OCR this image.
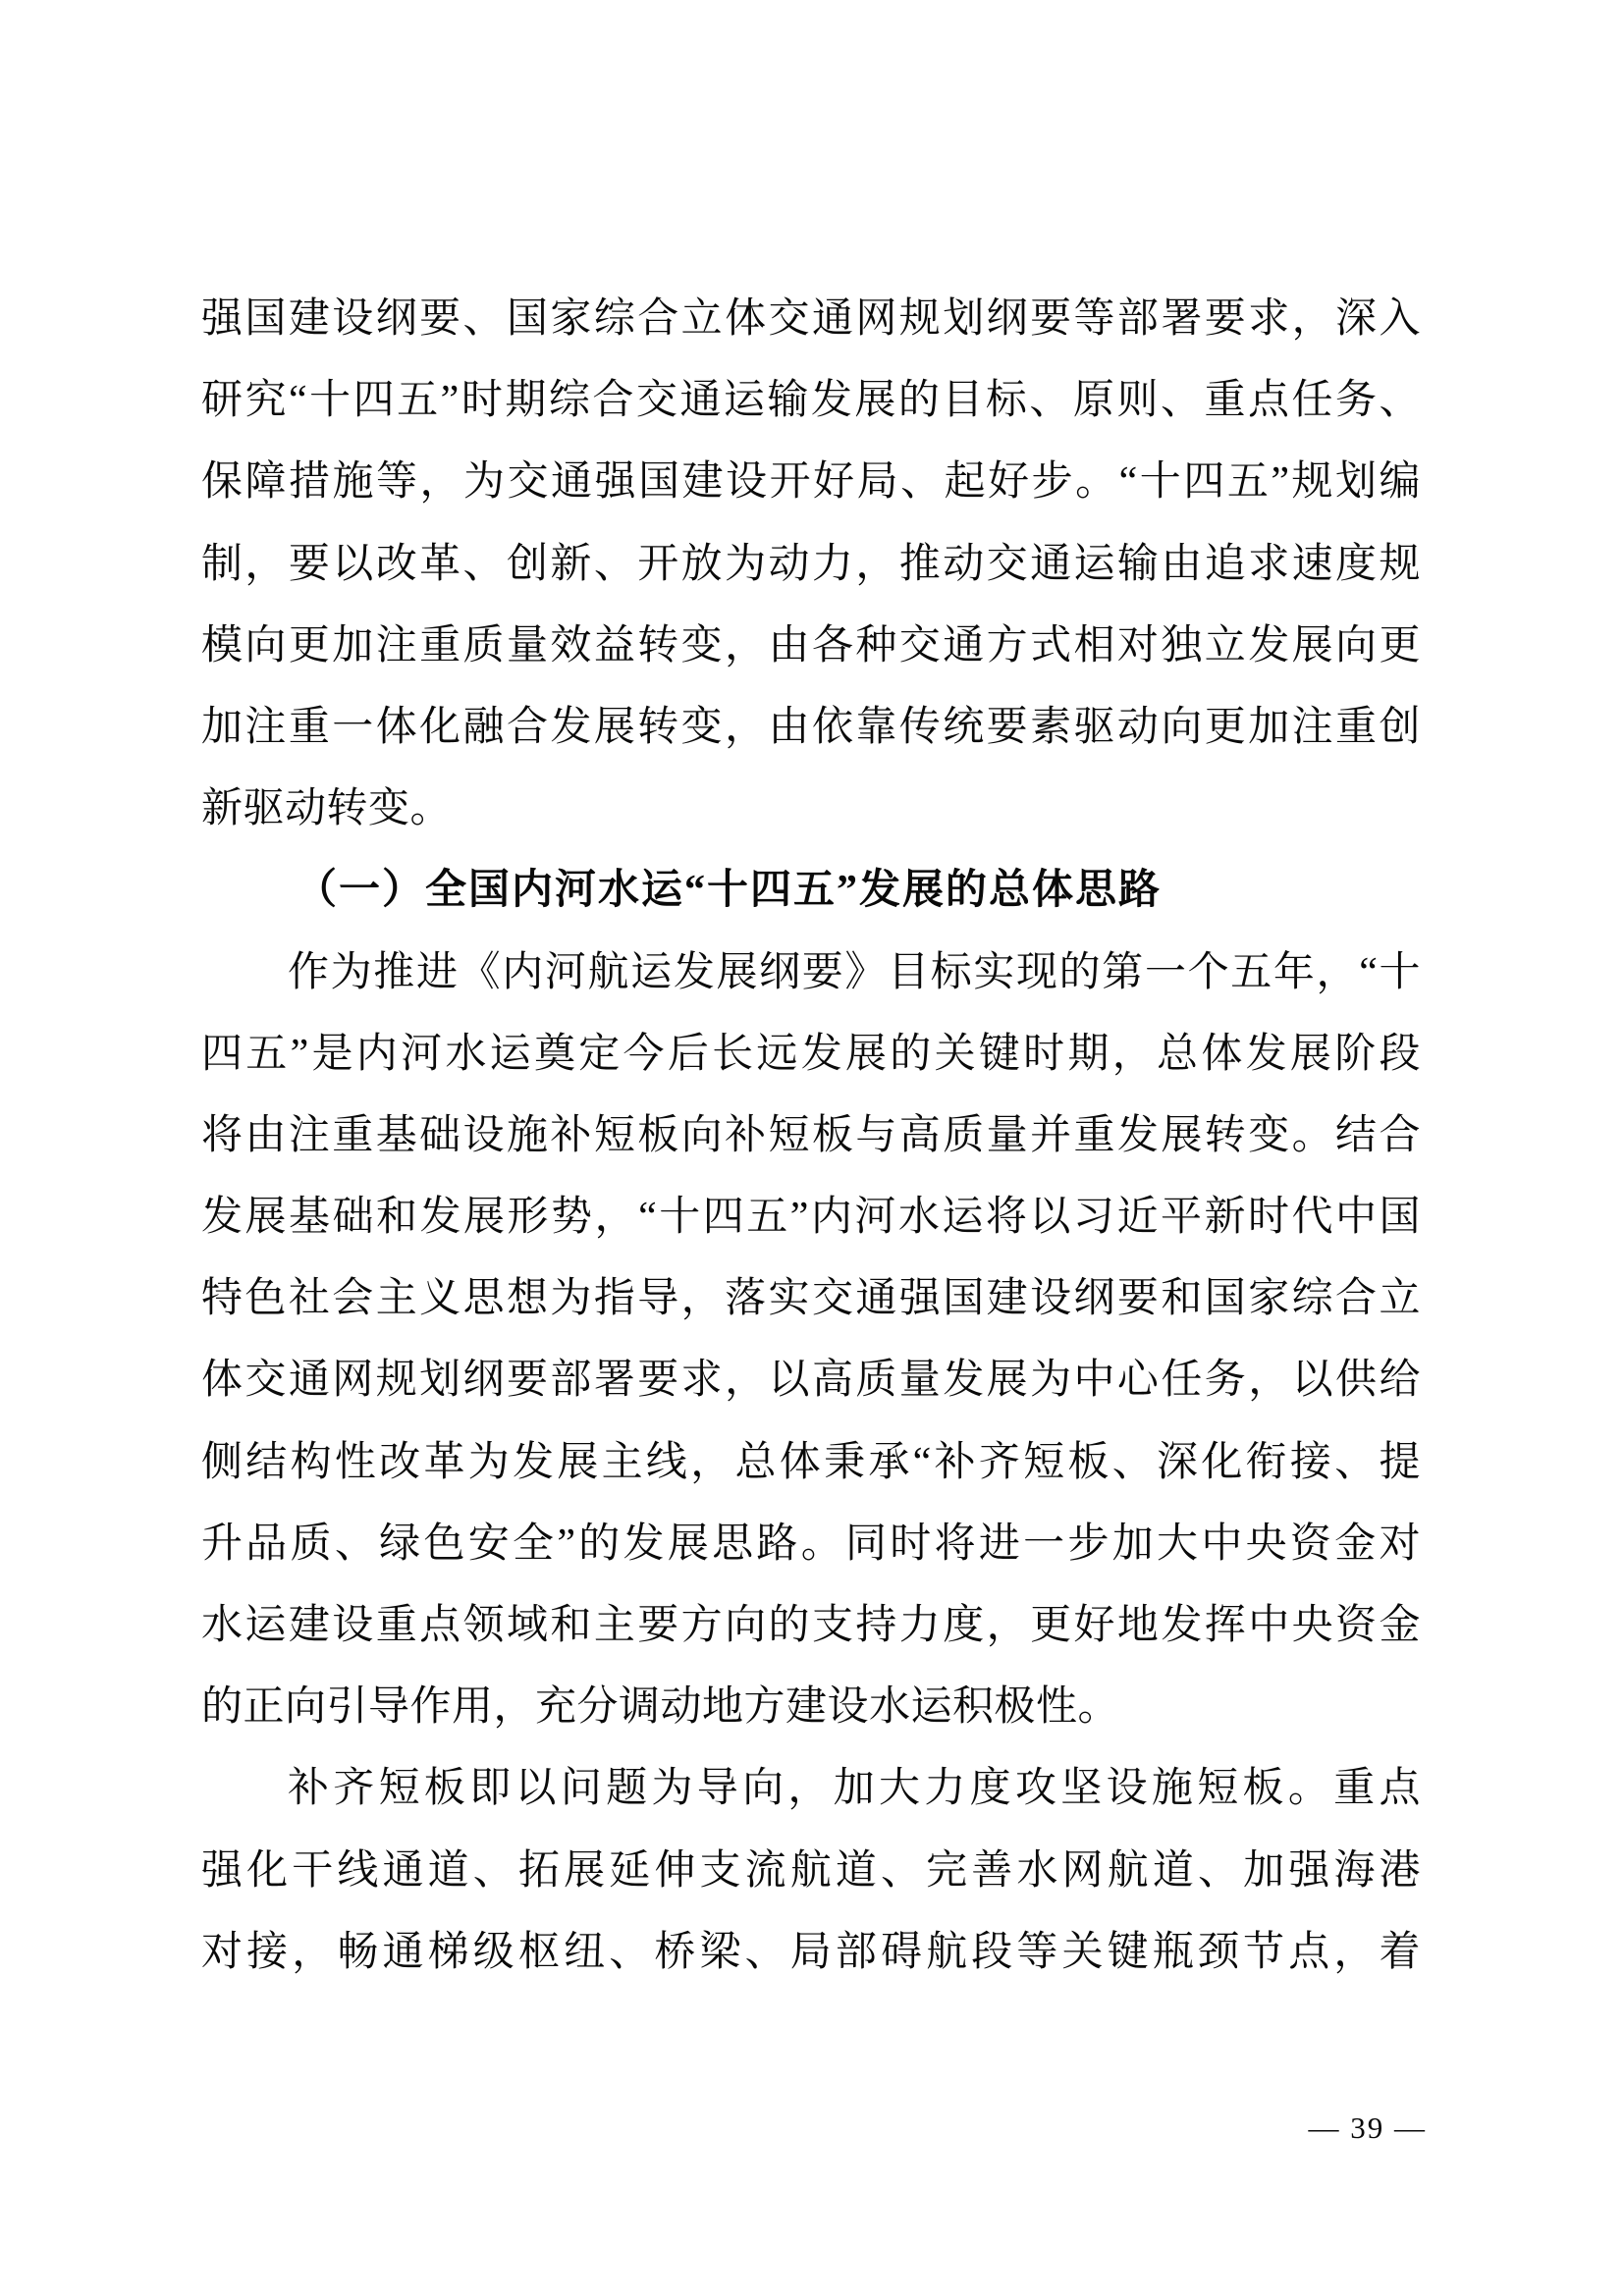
强国建设纲要、国家综合立体交通网规划纲要等部署要求，深入
研究“十四五”时期综合交通运输发展的目标、原则、重点任务、
保障措施等，为交通强国建设开好局、起好步。“十四五”规划编
制，要以改革、创新、开放为动力，推动交通运输由追求速度规
模向更加注重质量效益转变，由各种交通方式相对独立发展向更
加注重一体化融合发展转变，由依靠传统要素驱动向更加注重创
新驱动转变。
（一）全国内河水运“十四五”发展的总体思路
作为推进《内河航运发展纲要》目标实现的第一个五年，“十
四五”是内河水运奠定今后长远发展的关键时期，总体发展阶段
将由注重基础设施补短板向补短板与高质量并重发展转变。结合
发展基础和发展形势，“十四五”内河水运将以习近平新时代中国
特色社会主义思想为指导，落实交通强国建设纲要和国家综合立
体交通网规划纲要部署要求，以高质量发展为中心任务，以供给
侧结构性改革为发展主线，总体秉承“补齐短板、深化衔接、提
升品质、绿色安全”的发展思路。同时将进一步加大中央资金对
水运建设重点领域和主要方向的支持力度，更好地发挥中央资金
的正向引导作用，充分调动地方建设水运积极性。
补齐短板即以问题为导向，加大力度攻坚设施短板。重点
强化干线通道、拓展延伸支流航道、完善水网航道、加强海港
对接，畅通梯级枢纽、桥梁、局部碍航段等关键瓶颈节点，着
— 39 —
